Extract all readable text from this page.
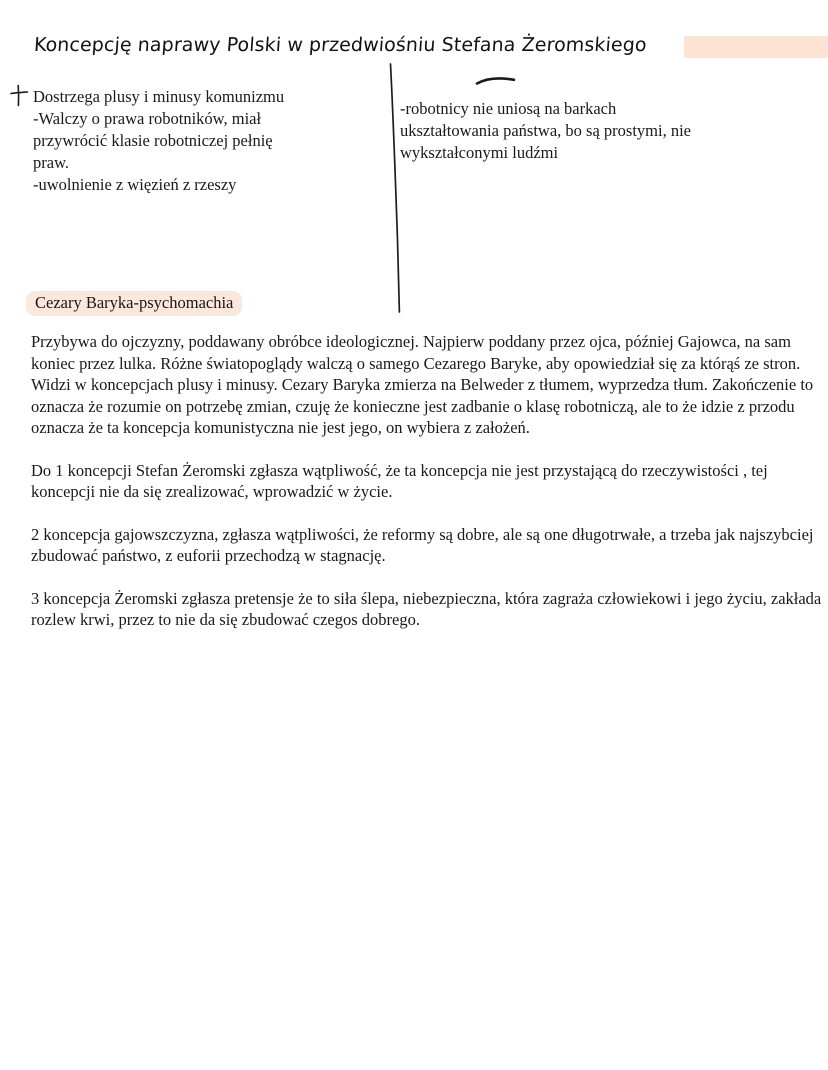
Koncepcję naprawy Polski w przedwiośniu Stefana Żeromskiego
Dostrzega plusy i minusy komunizmu
-Walczy o prawa robotników, miał
przywrócić klasie robotniczej pełnię
praw.
-uwolnienie z więzień z rzeszy
-robotnicy nie uniosą na barkach
ukształtowania państwa, bo są prostymi, nie
wykształconymi ludźmi
Cezary Baryka-psychomachia

Przybywa do ojczyzny, poddawany obróbce ideologicznej. Najpierw poddany przez ojca, później Gajowca, na sam koniec przez lulka. Różne światopoglądy walczą o samego Cezarego Baryke, aby opowiedział się za którąś ze stron. Widzi w koncepcjach plusy i minusy. Cezary Baryka zmierza na Belweder z tłumem, wyprzedza tłum. Zakończenie to oznacza że rozumie on potrzebę zmian, czuję że konieczne jest zadbanie o klasę robotniczą, ale to że idzie z przodu oznacza że ta koncepcja komunistyczna nie jest jego, on wybiera z założeń.

Do 1 koncepcji Stefan Żeromski zgłasza wątpliwość, że ta koncepcja nie jest przystającą do rzeczywistości , tej koncepcji nie da się zrealizować, wprowadzić w życie.

2 koncepcja gajowszczyzna, zgłasza wątpliwości, że reformy są dobre, ale są one długotrwałe, a trzeba jak najszybciej zbudować państwo, z euforii przechodzą w stagnację.

3 koncepcja Żeromski zgłasza pretensje że to siła ślepa, niebezpieczna, która zagraża człowiekowi i jego życiu, zakłada rozlew krwi, przez to nie da się zbudować czegos dobrego.
